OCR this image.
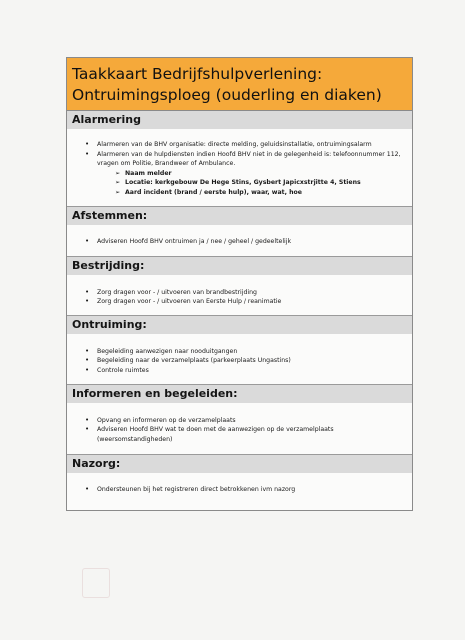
Taakkaart Bedrijfshulpverlening:
Ontruimingsploeg (ouderling en diaken)
Alarmering
• Alarmeren van de BHV organisatie: directe melding, geluidsinstallatie, ontruimingsalarm
• Alarmeren van de hulpdiensten indien Hoofd BHV niet in de gelegenheid is: telefoonnummer 112, vragen om Politie, Brandweer of Ambulance.
➢ Naam melder
➢ Locatie: kerkgebouw De Hege Stins, Gysbert Japicxstrjitte 4, Stiens
➢ Aard incident (brand / eerste hulp), waar, wat, hoe
Afstemmen:
• Adviseren Hoofd BHV ontruimen ja / nee / geheel / gedeeltelijk
Bestrijding:
• Zorg dragen voor - / uitvoeren van brandbestrijding
• Zorg dragen voor - / uitvoeren van Eerste Hulp / reanimatie
Ontruiming:
• Begeleiding aanwezigen naar nooduitgangen
• Begeleiding naar de verzamelplaats (parkeerplaats Ungastins)
• Controle ruimtes
Informeren en begeleiden:
• Opvang en informeren op de verzamelplaats
• Adviseren Hoofd BHV wat te doen met de aanwezigen op de verzamelplaats (weersomstandigheden)
Nazorg:
• Ondersteunen bij het registreren direct betrokkenen ivm nazorg
